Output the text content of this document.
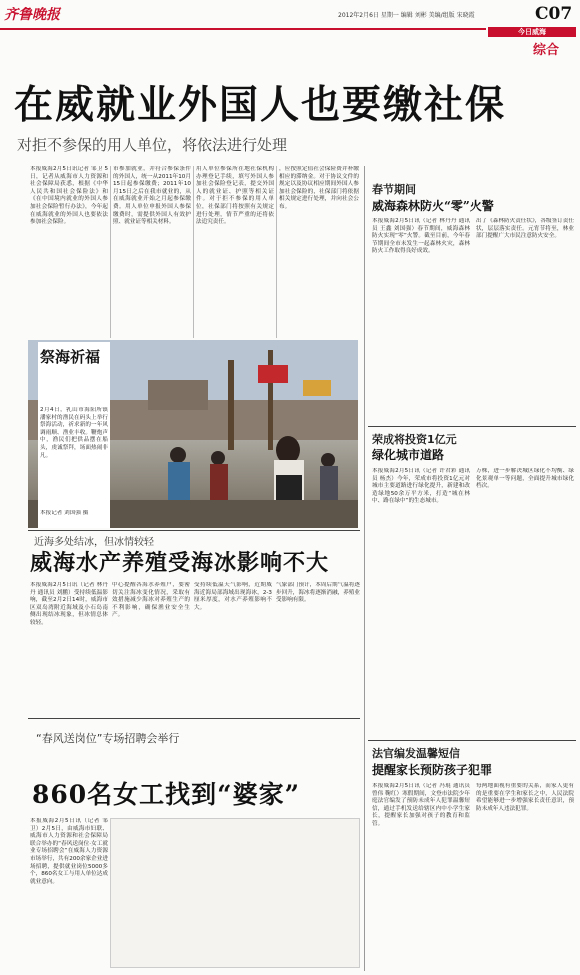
齐鲁晚报	2012年2月6日 星期一 编辑 刘彬 美编/组版 宋晓霞	C07
今日威海
综合
在威就业外国人也要缴社保
对拒不参保的用人单位，将依法进行处理
本报威海2月5日讯记者 邹卫 5日，记者从威海市人力资源和社会保障局获悉，根据《中华人民共和国社会保险法》和《在中国境内就业的外国人参加社会保险暂行办法》，今年起在威海就业的外国人也要依法参加社会保险。
市参加就业，并符合参保条件的外国人，统一从2011年10月15日起参保缴费；2011年10月15日之后在我市就业的，从在威海就业开始之月起参保缴费。用人单位申报外国人参保缴费时，需提供外国人有效护照、就业证等相关材料。
用人单位参保所在地社保机构办理登记手续，填写外国人参加社会保险登记表，提交外国人的就业证、护照等相关证件。对于拒不参保的用人单位，社保部门将按照有关规定进行处理，情节严重的还将依法追究责任。
，应按照定值社会保险费并补缴相应的滞纳金。对于协议文件的规定以及协议相应期间外国人参加社会保险的，社保部门将依据相关规定进行处理，并向社会公布。
祭海祈福
2月4日，乳山市海阳所镇潘家村的渔民在码头上举行祭海活动，祈求新的一年风调雨顺、渔业丰收。鞭炮声中，渔民们把供品摆在船头，虔诚祭拜，场面热闹非凡。
本报记者 刘国强 摄
近海多处结冰，但冰情较轻
威海水产养殖受海冰影响不大
本报威海2月5日讯（记者 林丹丹 通讯员 刘鹏）受持续低温影响，截至2月2日14时，威海市区双岛湾附近海域及小石岛南侧出现结冰现象，但冰情总体较轻。
中心提醒各海水养殖户，要密切关注海冰变化情况，采取有效措施减少海冰对养殖生产的不利影响，确保渔业安全生产。
受持续低温天气影响，近期威海近海局部海域出现海冰，2-3厘米厚度，对水产养殖影响不大。
气象部门预计，本周后期气温将逐步回升，海冰将逐渐消融，养殖业受影响有限。
“春风送岗位”专场招聘会举行
860名女工找到“婆家”
本报威海2月5日讯（记者 邹卫）2月5日，由威海市妇联、威海市人力资源和社会保障局联合举办的“春风送岗位·女工就业专场招聘会”在威海人力资源市场举行，共有200余家企业进场招聘，提供就业岗位5000多个，860名女工与用人单位达成就业意向。
春节期间
威海森林防火“零”火警
本报威海2月5日讯（记者 林丹丹 通讯员 王鑫 刘国强）春节期间，威海森林防火实现“零”火警。截至目前，今年春节期间全市未发生一起森林火灾，森林防火工作取得良好成效。
出了《森林防火责任状》，各级签订责任状，层层落实责任。元宵节将至，林业部门提醒广大市民注意防火安全。
荣成将投资1亿元
绿化城市道路
本报威海2月5日讯（记者 许君彩 通讯员 杨杰）今年，荣成市将投资1亿元对城市主要道路进行绿化提升，新建和改造绿地50余万平方米，打造“城在林中、路在绿中”的生态城市。
万株，进一步解决城区绿化不均衡、绿化景观单一等问题，全面提升城市绿化档次。
法官编发温馨短信
提醒家长预防孩子犯罪
本报威海2月5日讯（记者 冯琨 通讯员 曾伟 鞠红）寒假期间，文登市法院少年庭法官编发了预防未成年人犯罪温馨短信，通过手机发送给辖区内中小学生家长，提醒家长加强对孩子的教育和监管。
每两地面视有重要的关系，而家人更有的是重要在学生和家长之中，人民法院希望能够进一步增强家长责任意识，预防未成年人违法犯罪。
